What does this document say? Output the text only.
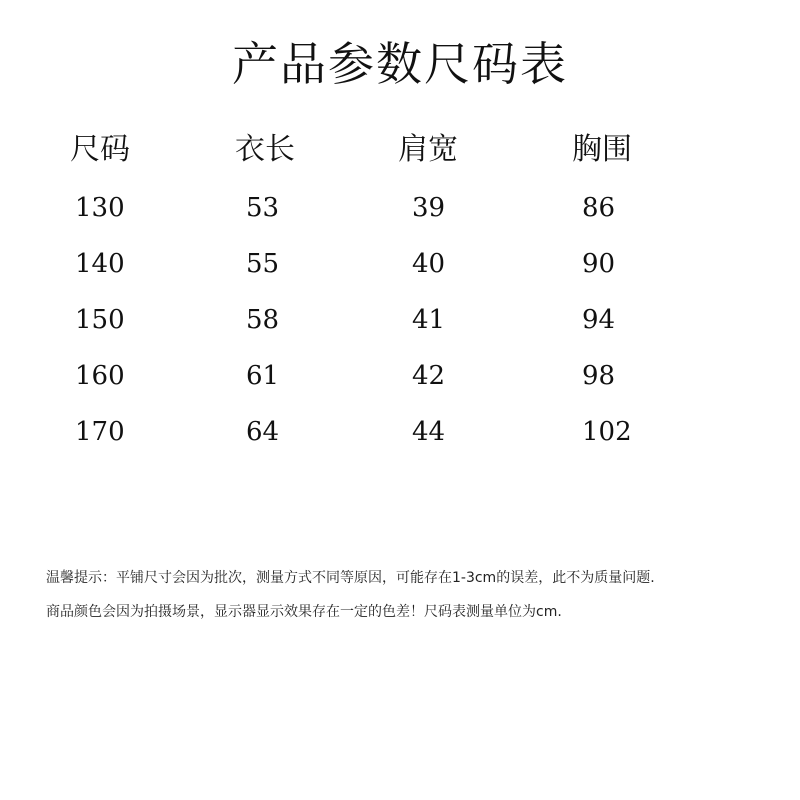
产品参数尺码表
尺码	衣长	肩宽	胸围
130	53	39	86
140	55	40	90
150	58	41	94
160	61	42	98
170	64	44	102
温馨提示：平铺尺寸会因为批次，测量方式不同等原因，可能存在1-3cm的误差，此不为质量问题.
商品颜色会因为拍摄场景，显示器显示效果存在一定的色差！尺码表测量单位为cm.
